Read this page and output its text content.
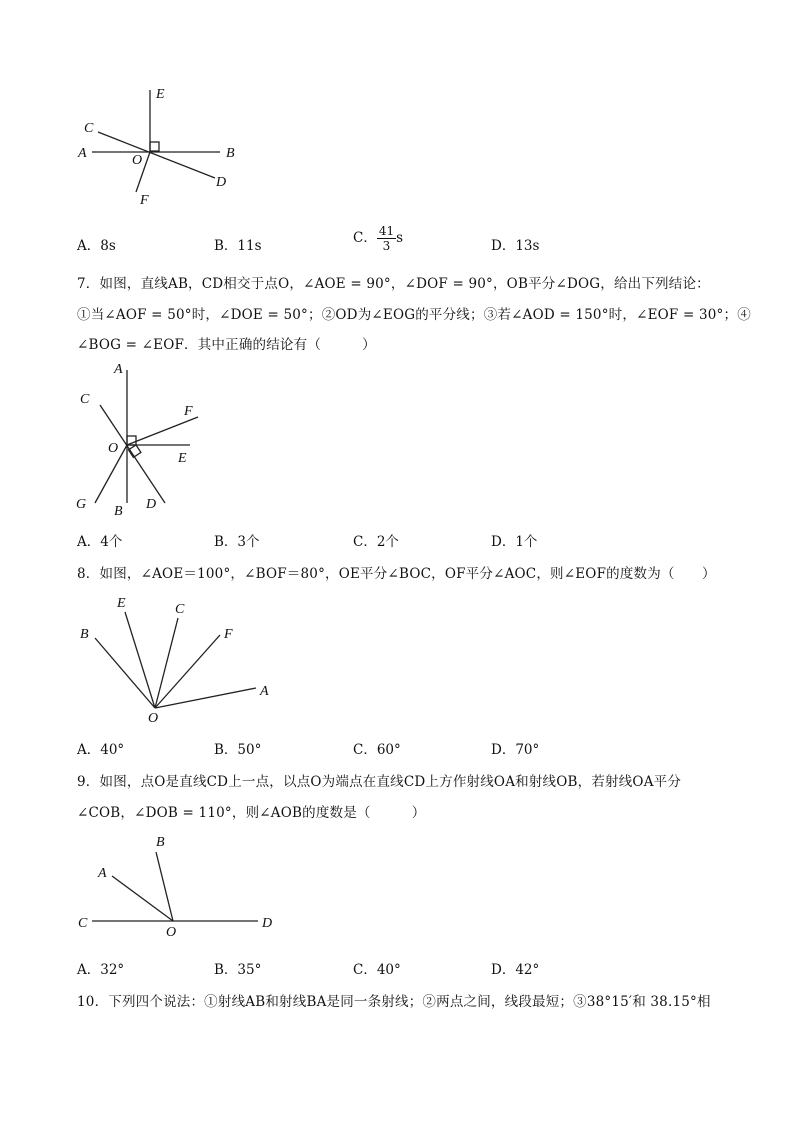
E
C
A	O	B
D
F
A．8s	B．11s	C． $\frac{41}{3}$ s	D．13s
7．如图，直线AB，CD相交于点O，∠AOE = 90°，∠DOF = 90°，OB平分∠DOG，给出下列结论：
①当∠AOF = 50°时，∠DOE = 50°；②OD为∠EOG的平分线；③若∠AOD = 150°时，∠EOF = 30°；④
∠BOG = ∠EOF．其中正确的结论有（　　　）
A
C
F
O
E
G B D
A．4个	B．3个	C．2个	D．1个
8．如图，∠AOE＝100°，∠BOF＝80°，OE平分∠BOC，OF平分∠AOC，则∠EOF的度数为（　　）
B
E	C
F
A
O
A．40°	B．50°	C．60°	D．70°
9．如图，点O是直线CD上一点，以点O为端点在直线CD上方作射线OA和射线OB，若射线OA平分
∠COB，∠DOB = 110°，则∠AOB的度数是（　　　）
B
A
C
O
D
A．32°	B．35°	C．40°	D．42°
10．下列四个说法：①射线AB和射线BA是同一条射线；②两点之间，线段最短；③38°15′和 38.15°相
